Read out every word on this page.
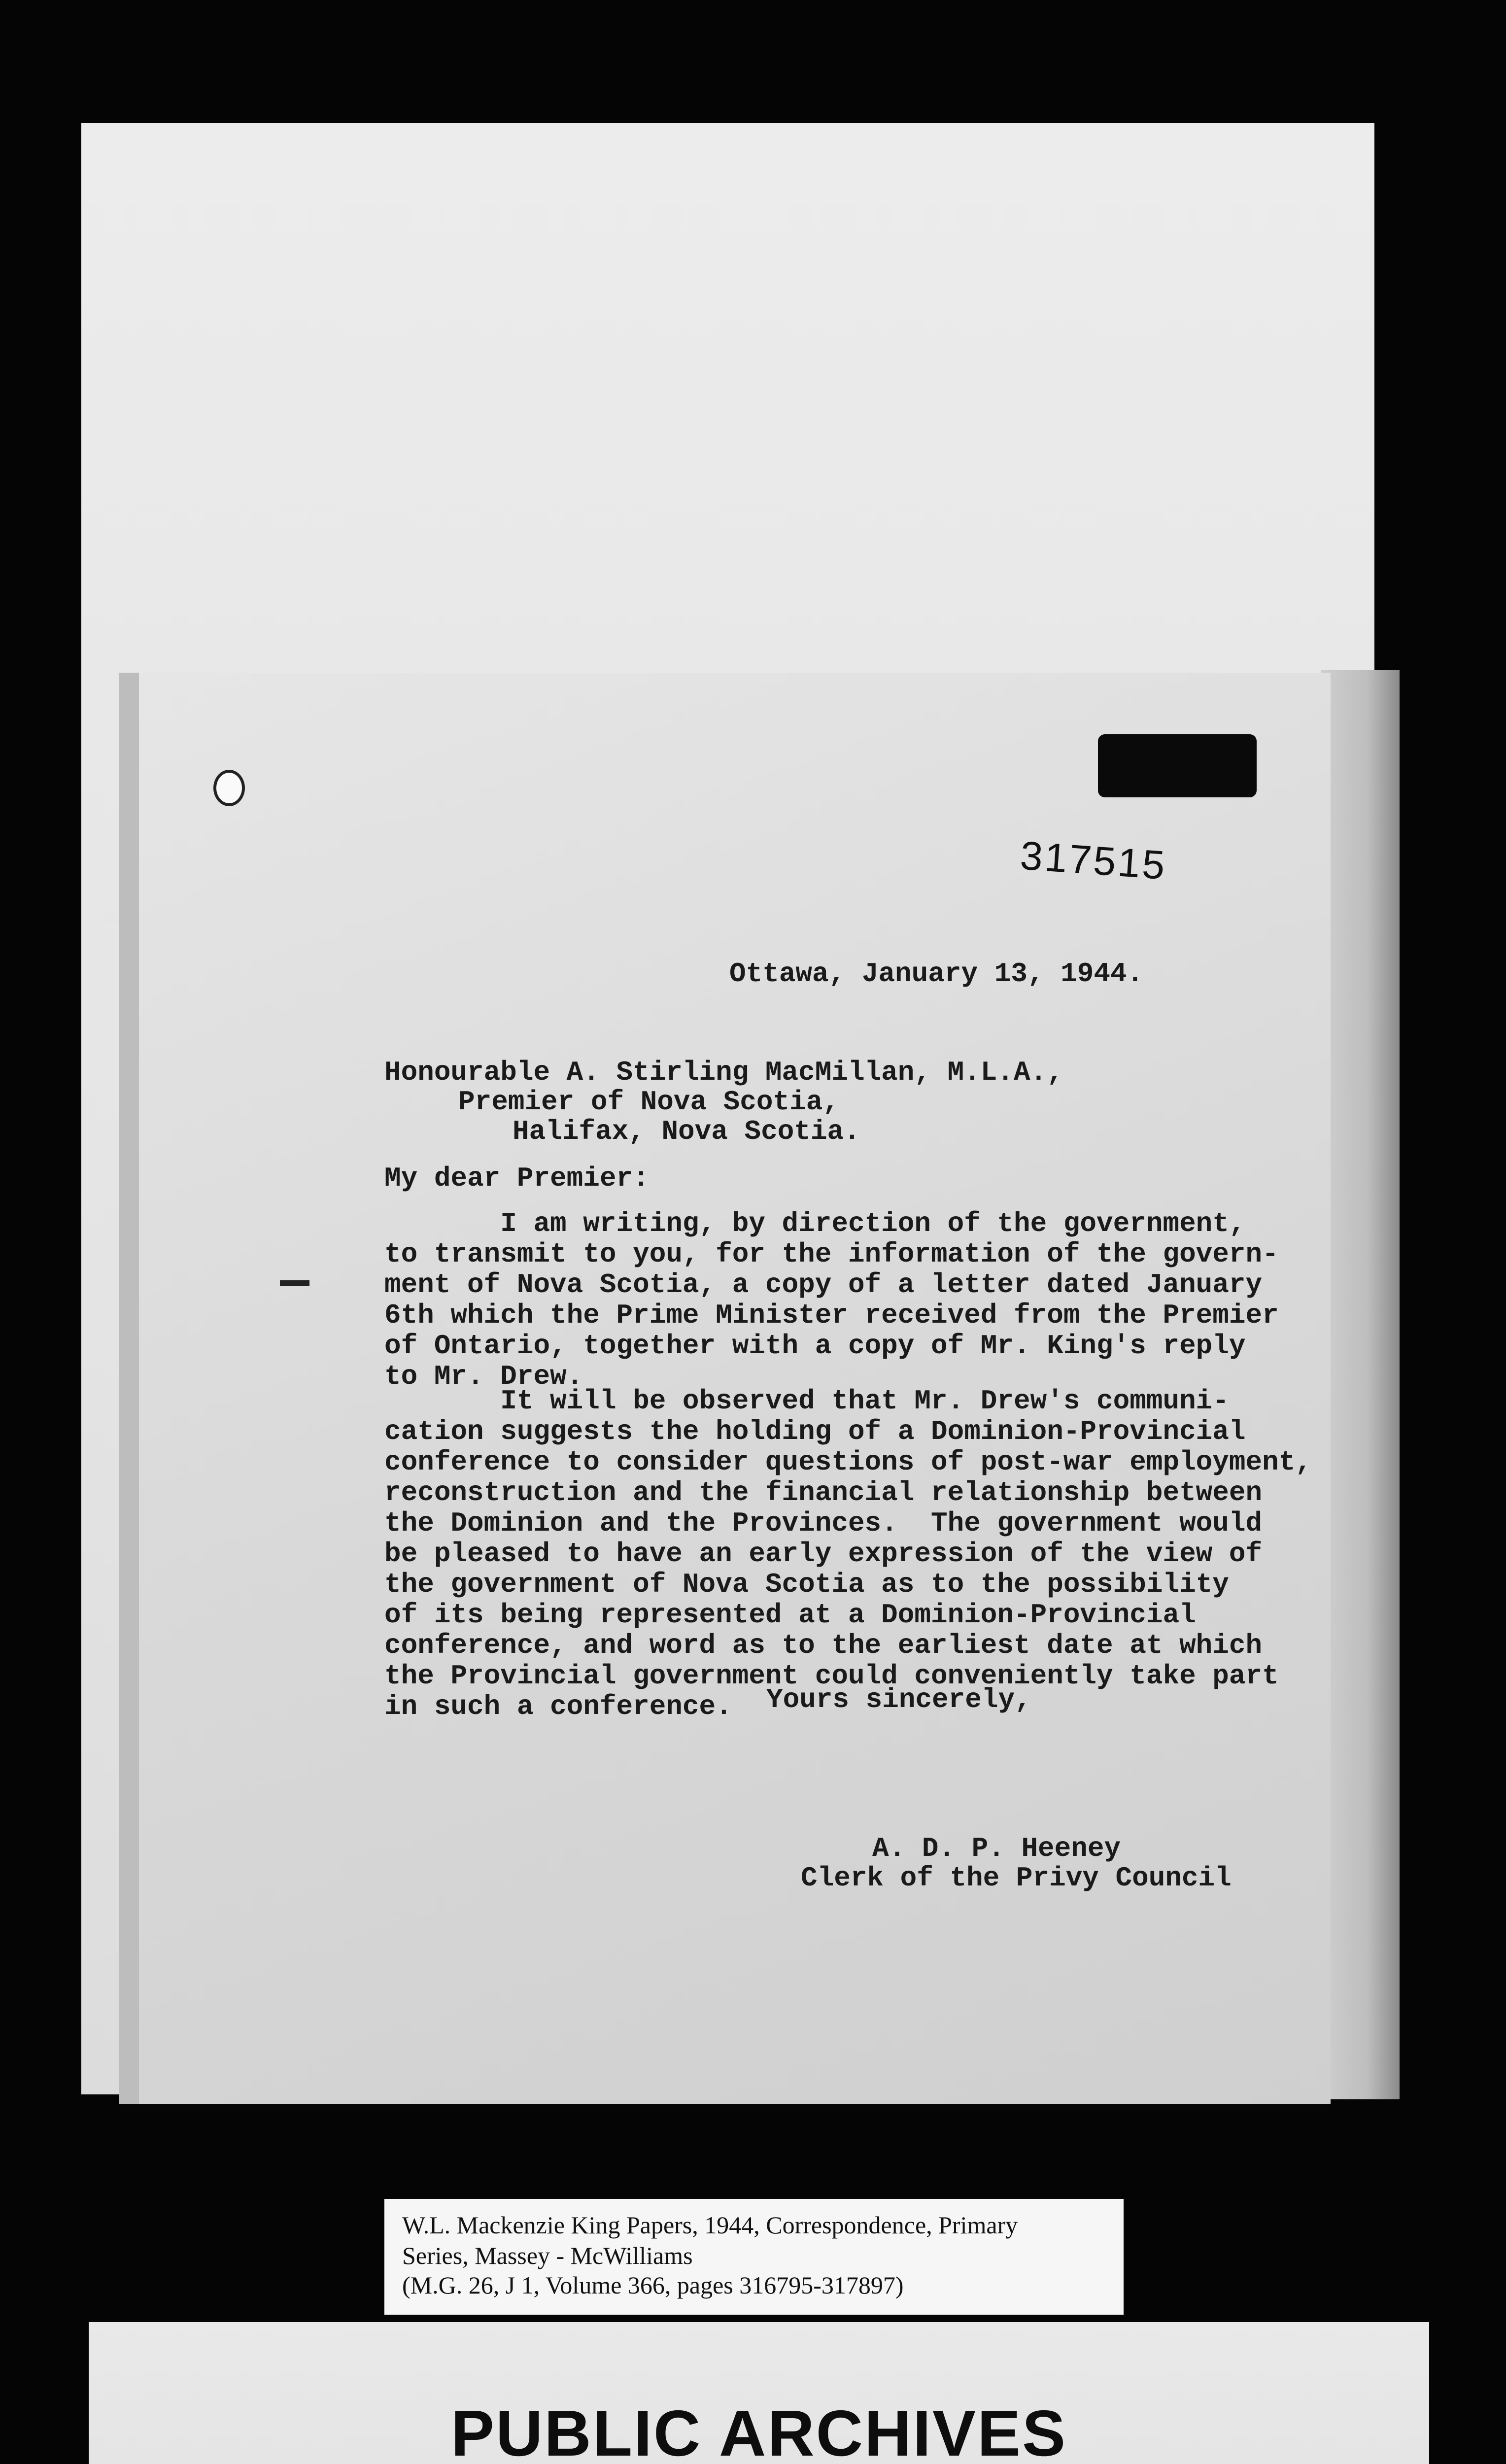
317515
Ottawa, January 13, 1944.
Honourable A. Stirling MacMillan, M.L.A.,
Premier of Nova Scotia,
Halifax, Nova Scotia.
My dear Premier:
I am writing, by direction of the government,
to transmit to you, for the information of the govern-
ment of Nova Scotia, a copy of a letter dated January
6th which the Prime Minister received from the Premier
of Ontario, together with a copy of Mr. King's reply
to Mr. Drew.
It will be observed that Mr. Drew's communi-
cation suggests the holding of a Dominion-Provincial
conference to consider questions of post-war employment,
reconstruction and the financial relationship between
the Dominion and the Provinces.  The government would
be pleased to have an early expression of the view of
the government of Nova Scotia as to the possibility
of its being represented at a Dominion-Provincial
conference, and word as to the earliest date at which
the Provincial government could conveniently take part
in such a conference.	Yours sincerely,
A. D. P. Heeney
Clerk of the Privy Council
W.L. Mackenzie King Papers, 1944, Correspondence, Primary
Series, Massey - McWilliams
(M.G. 26, J 1, Volume 366, pages 316795-317897)
PUBLIC ARCHIVES
